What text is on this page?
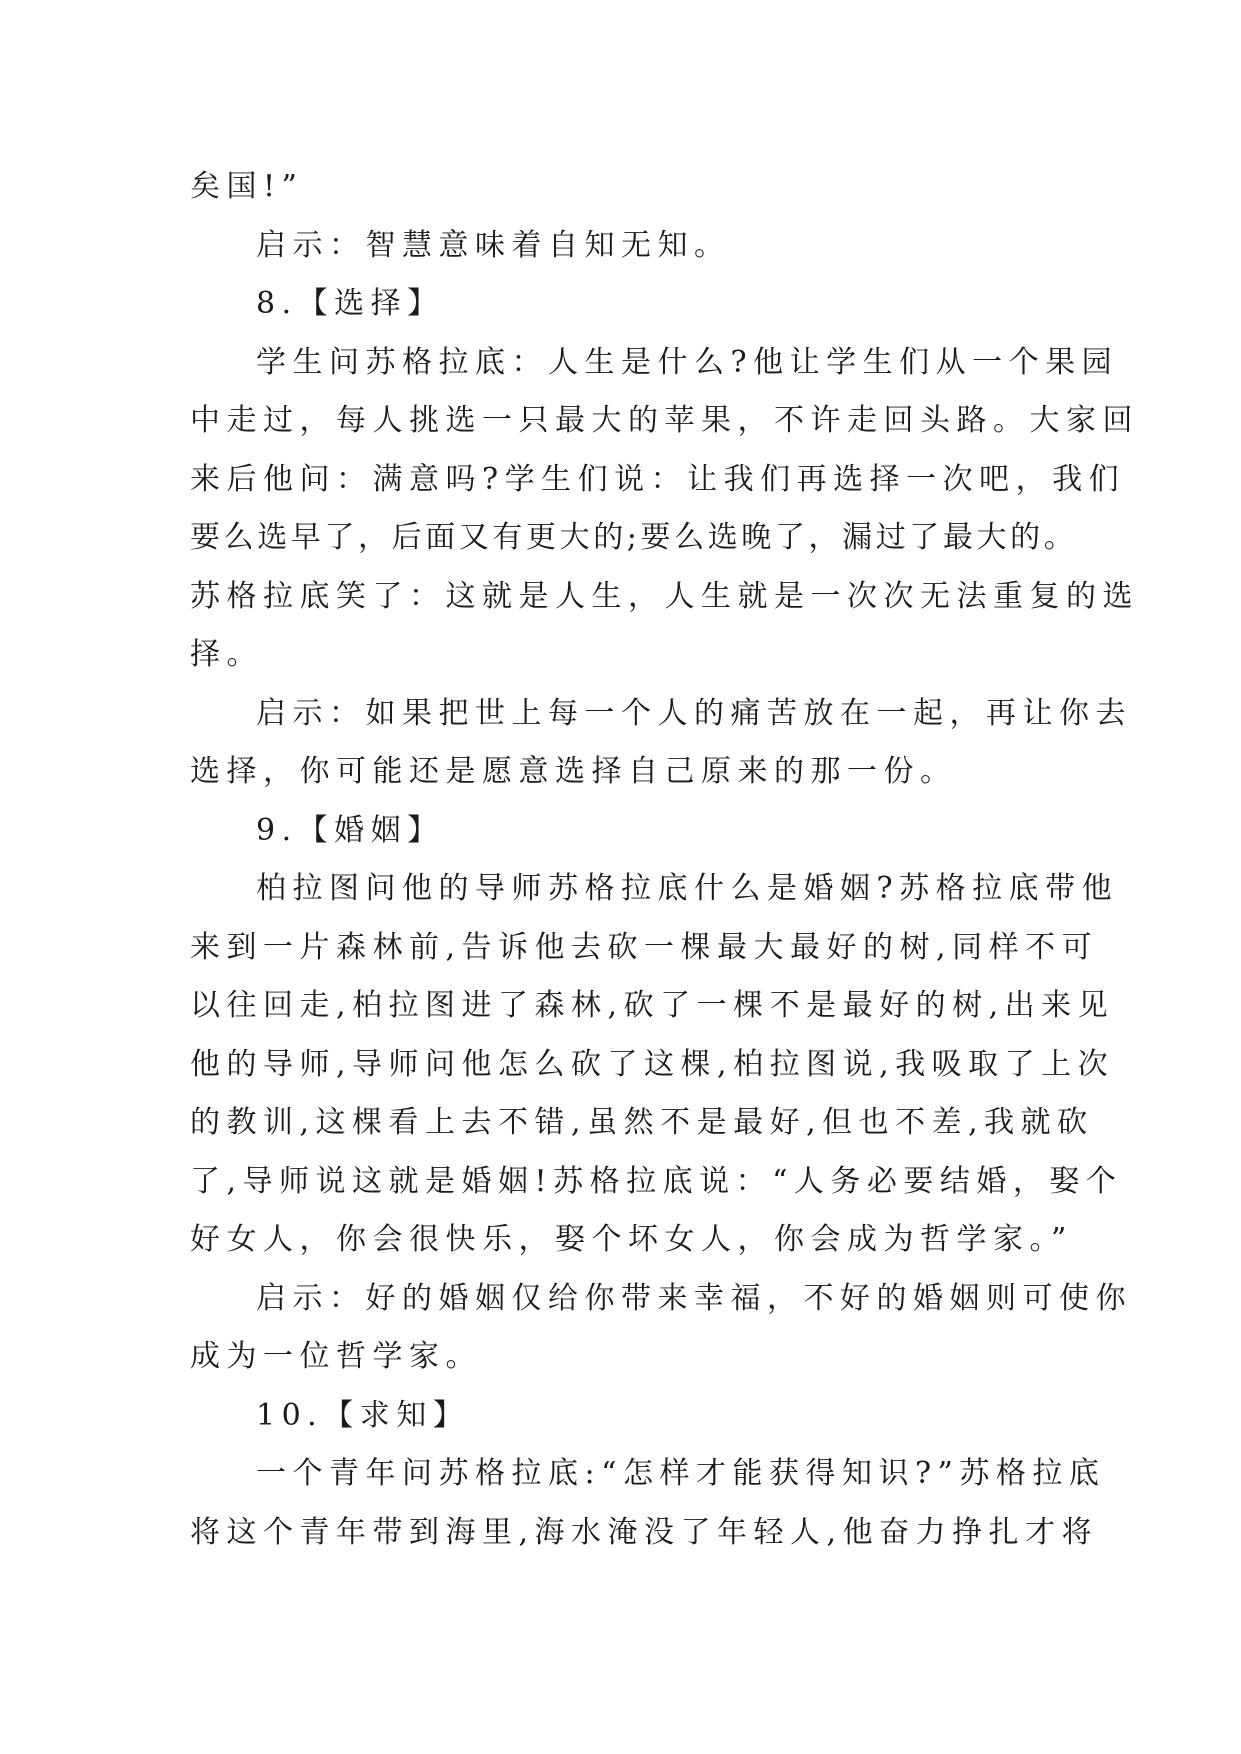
矣国!”
启示：智慧意味着自知无知。
8.【选择】
学生问苏格拉底：人生是什么?他让学生们从一个果园
中走过，每人挑选一只最大的苹果，不许走回头路。大家回
来后他问：满意吗?学生们说：让我们再选择一次吧，我们
要么选早了，后面又有更大的;要么选晚了，漏过了最大的。
苏格拉底笑了：这就是人生，人生就是一次次无法重复的选
择。
启示：如果把世上每一个人的痛苦放在一起，再让你去
选择，你可能还是愿意选择自己原来的那一份。
9.【婚姻】
柏拉图问他的导师苏格拉底什么是婚姻?苏格拉底带他
来到一片森林前,告诉他去砍一棵最大最好的树,同样不可
以往回走,柏拉图进了森林,砍了一棵不是最好的树,出来见
他的导师,导师问他怎么砍了这棵,柏拉图说,我吸取了上次
的教训,这棵看上去不错,虽然不是最好,但也不差,我就砍
了,导师说这就是婚姻!苏格拉底说：“人务必要结婚，娶个
好女人，你会很快乐，娶个坏女人，你会成为哲学家。”
启示：好的婚姻仅给你带来幸福，不好的婚姻则可使你
成为一位哲学家。
10.【求知】
一个青年问苏格拉底:“怎样才能获得知识?”苏格拉底
将这个青年带到海里,海水淹没了年轻人,他奋力挣扎才将
